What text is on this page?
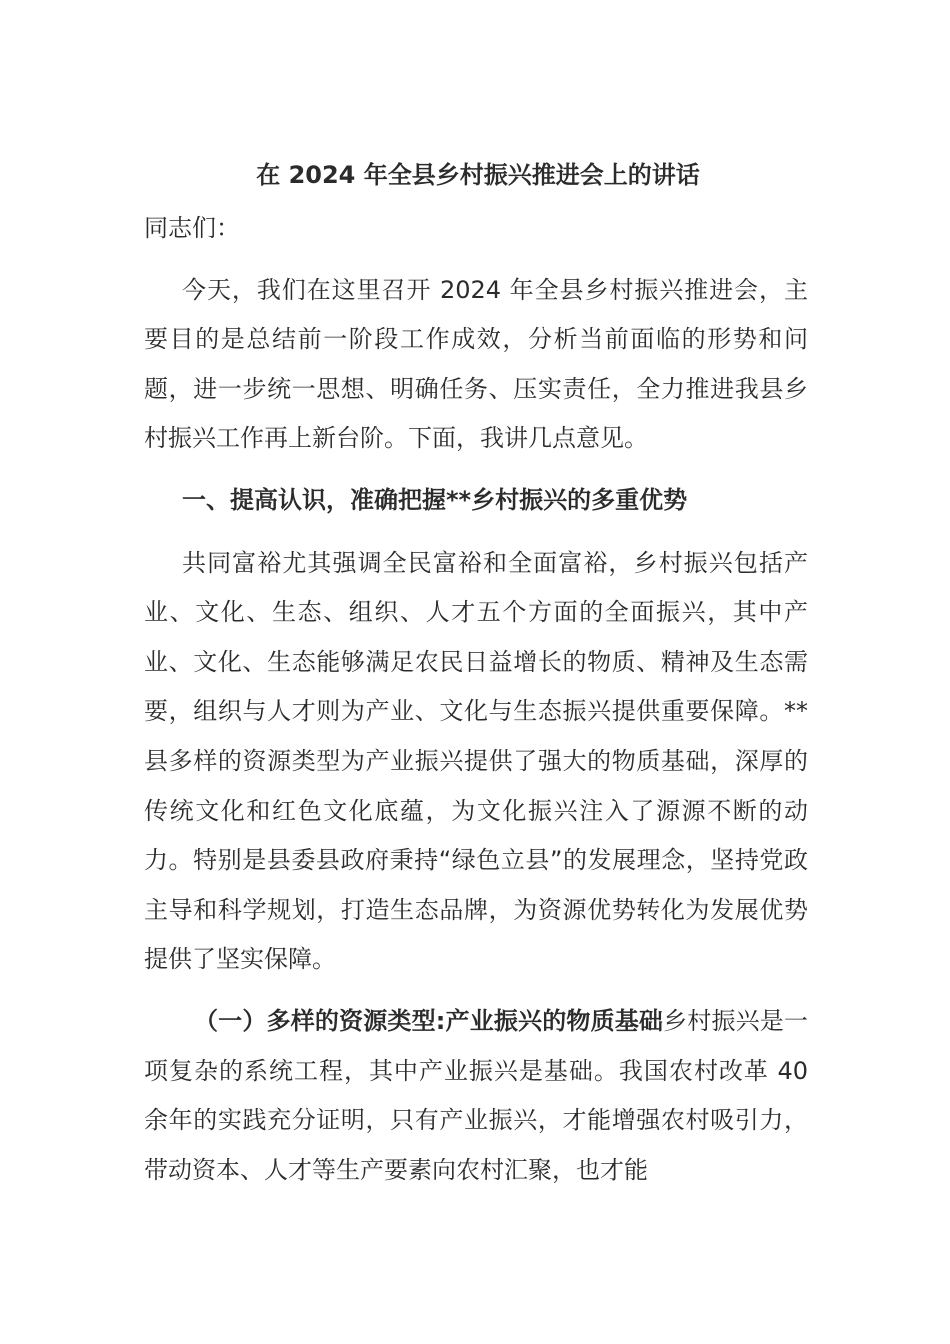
在 2024 年全县乡村振兴推进会上的讲话
同志们：

今天，我们在这里召开 2024 年全县乡村振兴推进会，主要目的是总结前一阶段工作成效，分析当前面临的形势和问题，进一步统一思想、明确任务、压实责任，全力推进我县乡村振兴工作再上新台阶。下面，我讲几点意见。

一、提高认识，准确把握**乡村振兴的多重优势

共同富裕尤其强调全民富裕和全面富裕，乡村振兴包括产业、文化、生态、组织、人才五个方面的全面振兴，其中产业、文化、生态能够满足农民日益增长的物质、精神及生态需要，组织与人才则为产业、文化与生态振兴提供重要保障。**县多样的资源类型为产业振兴提供了强大的物质基础，深厚的传统文化和红色文化底蕴，为文化振兴注入了源源不断的动力。特别是县委县政府秉持“绿色立县”的发展理念，坚持党政主导和科学规划，打造生态品牌，为资源优势转化为发展优势提供了坚实保障。

（一）多样的资源类型:产业振兴的物质基础乡村振兴是一项复杂的系统工程，其中产业振兴是基础。我国农村改革 40 余年的实践充分证明，只有产业振兴，才能增强农村吸引力，带动资本、人才等生产要素向农村汇聚，也才能
